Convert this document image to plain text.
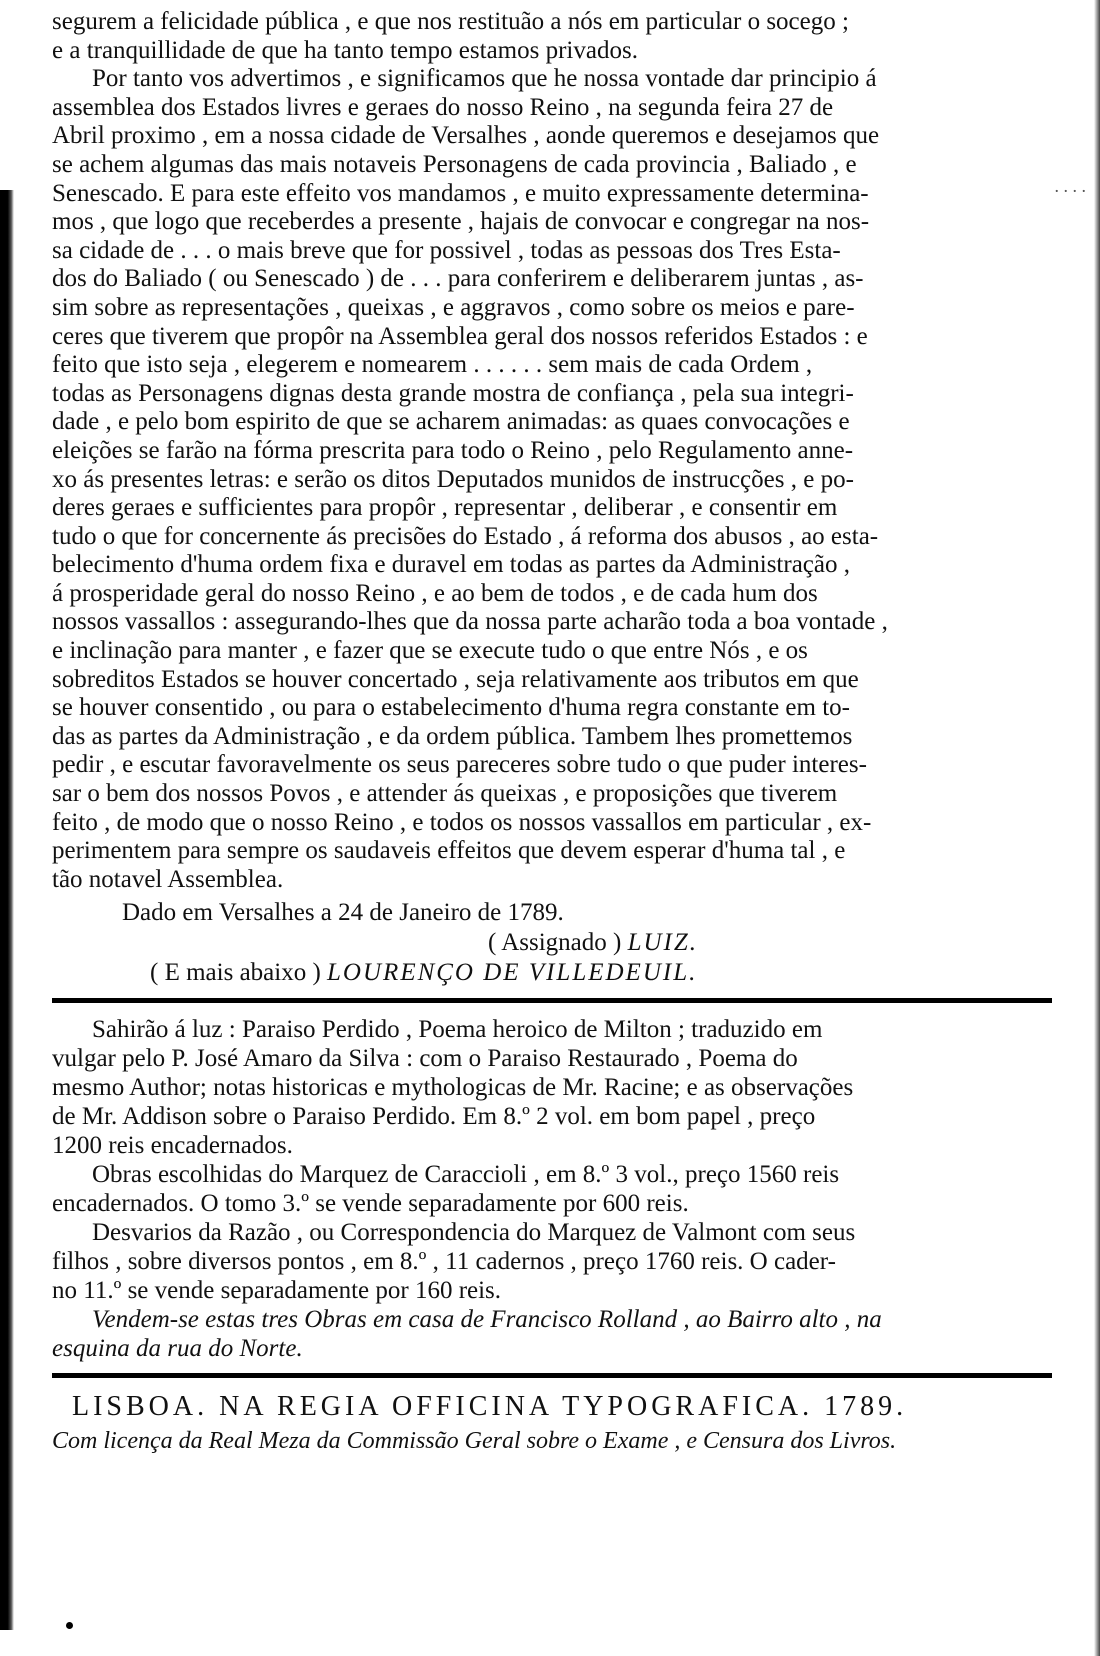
. . . .

segurem a felicidade pública , e que nos restituão a nós em particular o socego ;

e a tranquillidade de que ha tanto tempo estamos privados.

Por tanto vos advertimos , e significamos que he nossa vontade dar principio á

assemblea dos Estados livres e geraes do nosso Reino , na segunda feira 27 de

Abril proximo , em a nossa cidade de Versalhes , aonde queremos e desejamos que

se achem algumas das mais notaveis Personagens de cada provincia , Baliado , e

Senescado. E para este effeito vos mandamos , e muito expressamente determina-

mos , que logo que receberdes a presente , hajais de convocar e congregar na nos-

sa cidade de . . . o mais breve que for possivel , todas as pessoas dos Tres Esta-

dos do Baliado ( ou Senescado ) de . . . para conferirem e deliberarem juntas , as-

sim sobre as representações , queixas , e aggravos , como sobre os meios e pare-

ceres que tiverem que propôr na Assemblea geral dos nossos referidos Estados : e

feito que isto seja , elegerem e nomearem . . . . . . sem mais de cada Ordem ,

todas as Personagens dignas desta grande mostra de confiança , pela sua integri-

dade , e pelo bom espirito de que se acharem animadas: as quaes convocações e

eleições se farão na fórma prescrita para todo o Reino , pelo Regulamento anne-

xo ás presentes letras: e serão os ditos Deputados munidos de instrucções , e po-

deres geraes e sufficientes para propôr , representar , deliberar , e consentir em

tudo o que for concernente ás precisões do Estado , á reforma dos abusos , ao esta-

belecimento d'huma ordem fixa e duravel em todas as partes da Administração ,

á prosperidade geral do nosso Reino , e ao bem de todos , e de cada hum dos

nossos vassallos : assegurando-lhes que da nossa parte acharão toda a boa vontade ,

e inclinação para manter , e fazer que se execute tudo o que entre Nós , e os

sobreditos Estados se houver concertado , seja relativamente aos tributos em que

se houver consentido , ou para o estabelecimento d'huma regra constante em to-

das as partes da Administração , e da ordem pública. Tambem lhes promettemos

pedir , e escutar favoravelmente os seus pareceres sobre tudo o que puder interes-

sar o bem dos nossos Povos , e attender ás queixas , e proposições que tiverem

feito , de modo que o nosso Reino , e todos os nossos vassallos em particular , ex-

perimentem para sempre os saudaveis effeitos que devem esperar d'huma tal , e

tão notavel Assemblea.

Dado em Versalhes a 24 de Janeiro de 1789.

( Assignado ) LUIZ.

( E mais abaixo ) LOURENÇO DE VILLEDEUIL.

Sahirão á luz : Paraiso Perdido , Poema heroico de Milton ; traduzido em

vulgar pelo P. José Amaro da Silva : com o Paraiso Restaurado , Poema do

mesmo Author; notas historicas e mythologicas de Mr. Racine; e as observações

de Mr. Addison sobre o Paraiso Perdido. Em 8.º 2 vol. em bom papel , preço

1200 reis encadernados.

Obras escolhidas do Marquez de Caraccioli , em 8.º 3 vol., preço 1560 reis

encadernados. O tomo 3.º se vende separadamente por 600 reis.

Desvarios da Razão , ou Correspondencia do Marquez de Valmont com seus

filhos , sobre diversos pontos , em 8.º , 11 cadernos , preço 1760 reis. O cader-

no 11.º se vende separadamente por 160 reis.

Vendem-se estas tres Obras em casa de Francisco Rolland , ao Bairro alto , na

esquina da rua do Norte.

LISBOA. NA REGIA OFFICINA TYPOGRAFICA. 1789.

Com licença da Real Meza da Commissão Geral sobre o Exame , e Censura dos Livros.
